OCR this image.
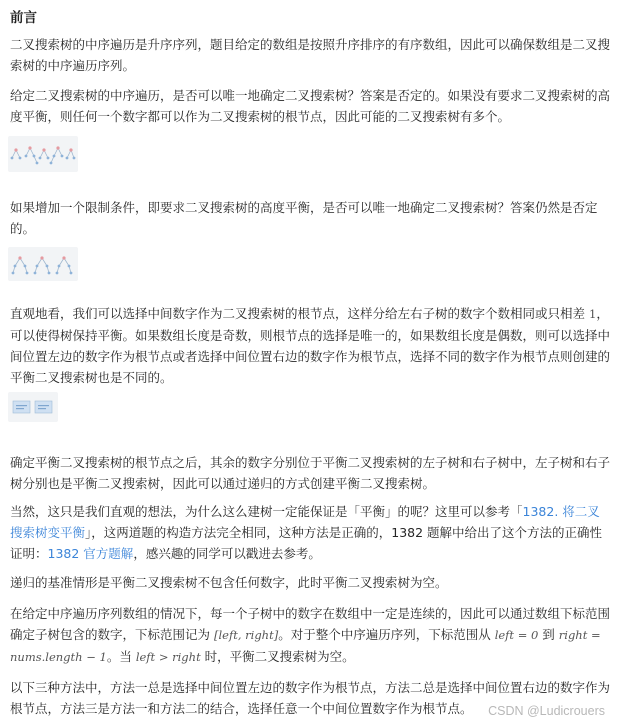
前言

二叉搜索树的中序遍历是升序序列，题目给定的数组是按照升序排序的有序数组，因此可以确保数组是二叉搜索树的中序遍历序列。

给定二叉搜索树的中序遍历，是否可以唯一地确定二叉搜索树？答案是否定的。如果没有要求二叉搜索树的高度平衡，则任何一个数字都可以作为二叉搜索树的根节点，因此可能的二叉搜索树有多个。

如果增加一个限制条件，即要求二叉搜索树的高度平衡，是否可以唯一地确定二叉搜索树？答案仍然是否定的。

直观地看，我们可以选择中间数字作为二叉搜索树的根节点，这样分给左右子树的数字个数相同或只相差 1，可以使得树保持平衡。如果数组长度是奇数，则根节点的选择是唯一的，如果数组长度是偶数，则可以选择中间位置左边的数字作为根节点或者选择中间位置右边的数字作为根节点，选择不同的数字作为根节点则创建的平衡二叉搜索树也是不同的。

确定平衡二叉搜索树的根节点之后，其余的数字分别位于平衡二叉搜索树的左子树和右子树中，左子树和右子树分别也是平衡二叉搜索树，因此可以通过递归的方式创建平衡二叉搜索树。

当然，这只是我们直观的想法，为什么这么建树一定能保证是「平衡」的呢？这里可以参考「1382. 将二叉搜索树变平衡」，这两道题的构造方法完全相同，这种方法是正确的，1382 题解中给出了这个方法的正确性证明：1382 官方题解，感兴趣的同学可以戳进去参考。

递归的基准情形是平衡二叉搜索树不包含任何数字，此时平衡二叉搜索树为空。

在给定中序遍历序列数组的情况下，每一个子树中的数字在数组中一定是连续的，因此可以通过数组下标范围确定子树包含的数字，下标范围记为 [left, right]。对于整个中序遍历序列，下标范围从 left = 0 到 right = nums.length − 1。当 left > right 时，平衡二叉搜索树为空。

以下三种方法中，方法一总是选择中间位置左边的数字作为根节点，方法二总是选择中间位置右边的数字作为根节点，方法三是方法一和方法二的结合，选择任意一个中间位置数字作为根节点。	CSDN @Ludicrouers
